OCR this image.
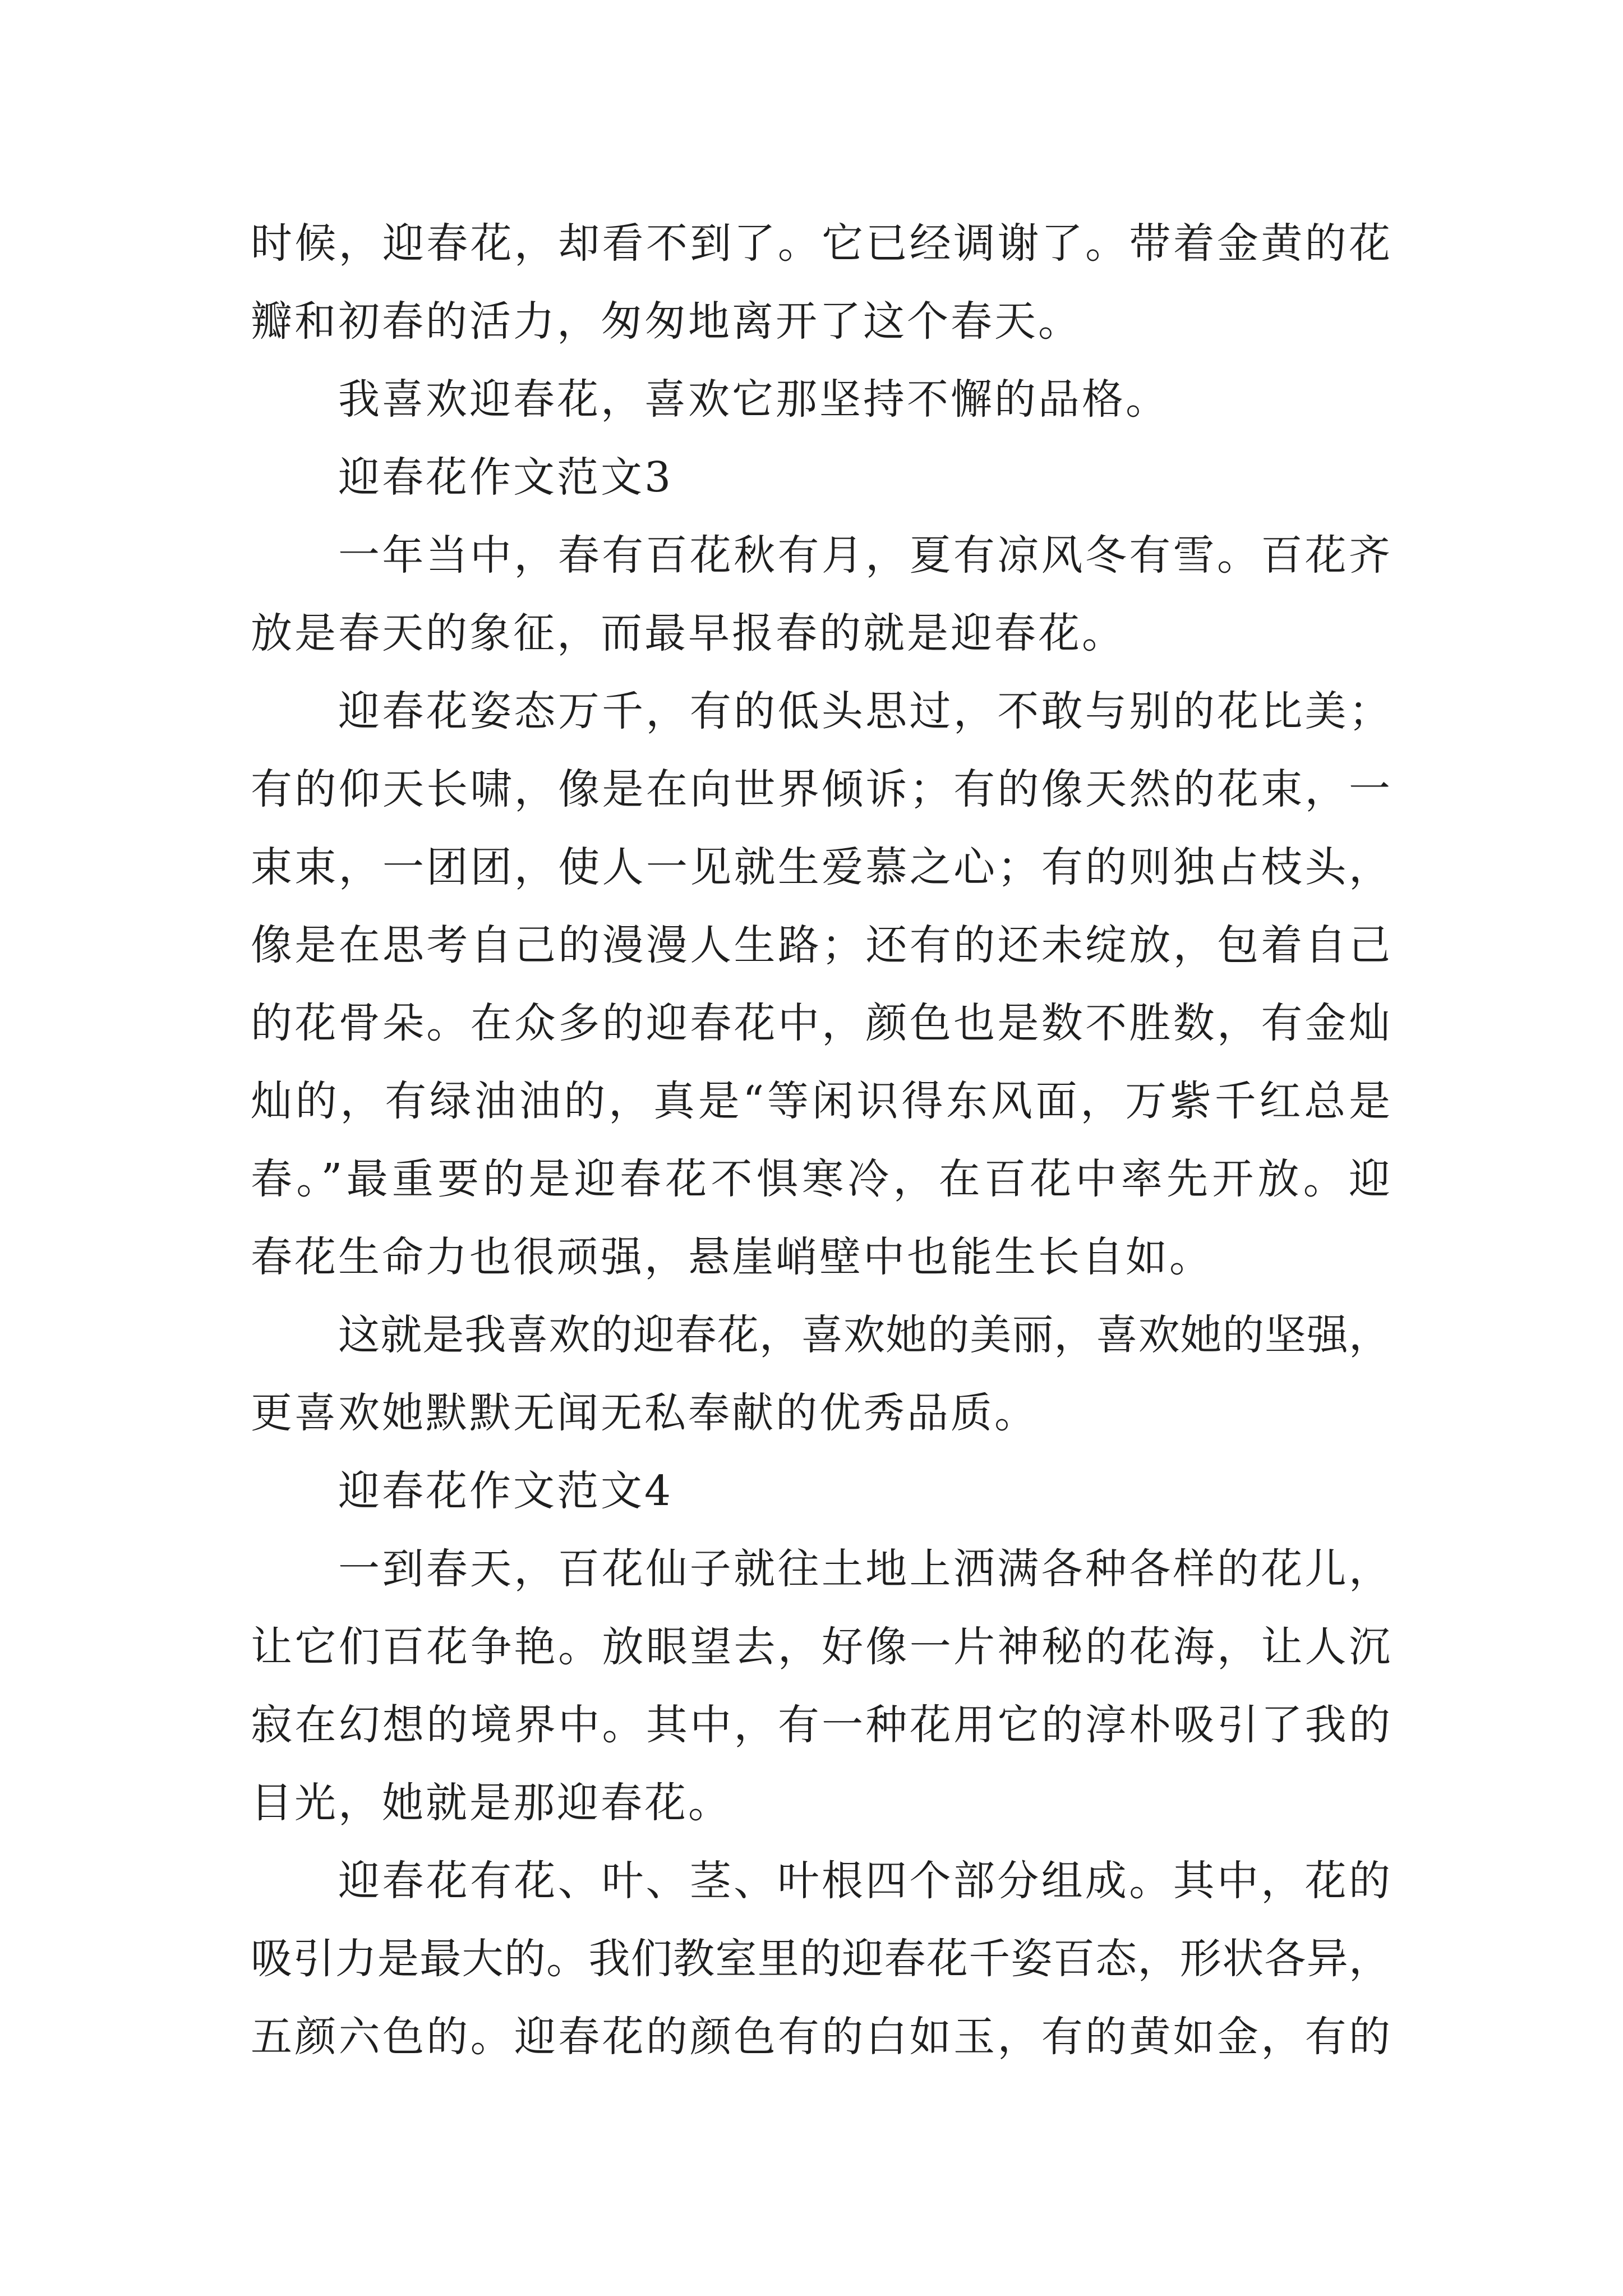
时候，迎春花，却看不到了。它已经调谢了。带着金黄的花
瓣和初春的活力，匆匆地离开了这个春天。
我喜欢迎春花，喜欢它那坚持不懈的品格。
迎春花作文范文3
一年当中，春有百花秋有月，夏有凉风冬有雪。百花齐
放是春天的象征，而最早报春的就是迎春花。
迎春花姿态万千，有的低头思过，不敢与别的花比美；
有的仰天长啸，像是在向世界倾诉；有的像天然的花束，一
束束，一团团，使人一见就生爱慕之心；有的则独占枝头，
像是在思考自己的漫漫人生路；还有的还未绽放，包着自己
的花骨朵。在众多的迎春花中，颜色也是数不胜数，有金灿
灿的，有绿油油的，真是“等闲识得东风面，万紫千红总是
春。”最重要的是迎春花不惧寒冷，在百花中率先开放。迎
春花生命力也很顽强，悬崖峭壁中也能生长自如。
这就是我喜欢的迎春花，喜欢她的美丽，喜欢她的坚强，
更喜欢她默默无闻无私奉献的优秀品质。
迎春花作文范文4
一到春天，百花仙子就往土地上洒满各种各样的花儿，
让它们百花争艳。放眼望去，好像一片神秘的花海，让人沉
寂在幻想的境界中。其中，有一种花用它的淳朴吸引了我的
目光，她就是那迎春花。
迎春花有花、叶、茎、叶根四个部分组成。其中，花的
吸引力是最大的。我们教室里的迎春花千姿百态，形状各异，
五颜六色的。迎春花的颜色有的白如玉，有的黄如金，有的
